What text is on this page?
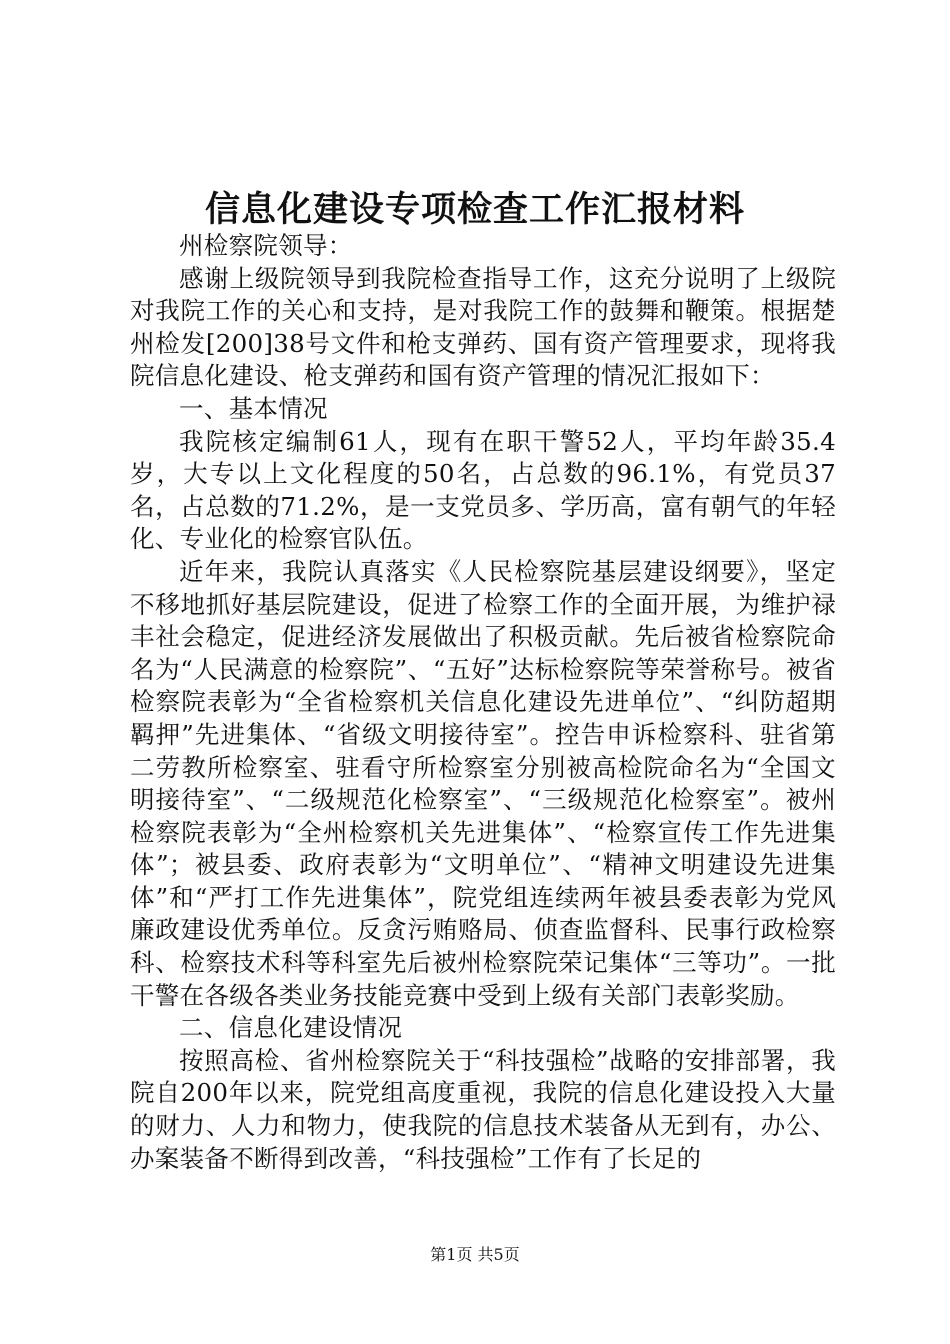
信息化建设专项检查工作汇报材料

州检察院领导：

感谢上级院领导到我院检查指导工作，这充分说明了上级院对我院工作的关心和支持，是对我院工作的鼓舞和鞭策。根据楚州检发[200]38号文件和枪支弹药、国有资产管理要求，现将我院信息化建设、枪支弹药和国有资产管理的情况汇报如下：

一、基本情况

我院核定编制61人，现有在职干警52人，平均年龄35.4岁，大专以上文化程度的50名，占总数的96.1%，有党员37名，占总数的71.2%，是一支党员多、学历高，富有朝气的年轻化、专业化的检察官队伍。

近年来，我院认真落实《人民检察院基层建设纲要》，坚定不移地抓好基层院建设，促进了检察工作的全面开展，为维护禄丰社会稳定，促进经济发展做出了积极贡献。先后被省检察院命名为“人民满意的检察院”、“五好”达标检察院等荣誉称号。被省检察院表彰为“全省检察机关信息化建设先进单位”、“纠防超期羁押”先进集体、“省级文明接待室”。控告申诉检察科、驻省第二劳教所检察室、驻看守所检察室分别被高检院命名为“全国文明接待室”、“二级规范化检察室”、“三级规范化检察室”。被州检察院表彰为“全州检察机关先进集体”、“检察宣传工作先进集体”；被县委、政府表彰为“文明单位”、“精神文明建设先进集体”和“严打工作先进集体”，院党组连续两年被县委表彰为党风廉政建设优秀单位。反贪污贿赂局、侦查监督科、民事行政检察科、检察技术科等科室先后被州检察院荣记集体“三等功”。一批干警在各级各类业务技能竞赛中受到上级有关部门表彰奖励。

二、信息化建设情况

按照高检、省州检察院关于“科技强检”战略的安排部署，我院自200年以来，院党组高度重视，我院的信息化建设投入大量的财力、人力和物力，使我院的信息技术装备从无到有，办公、办案装备不断得到改善，“科技强检”工作有了长足的

第1页 共5页
